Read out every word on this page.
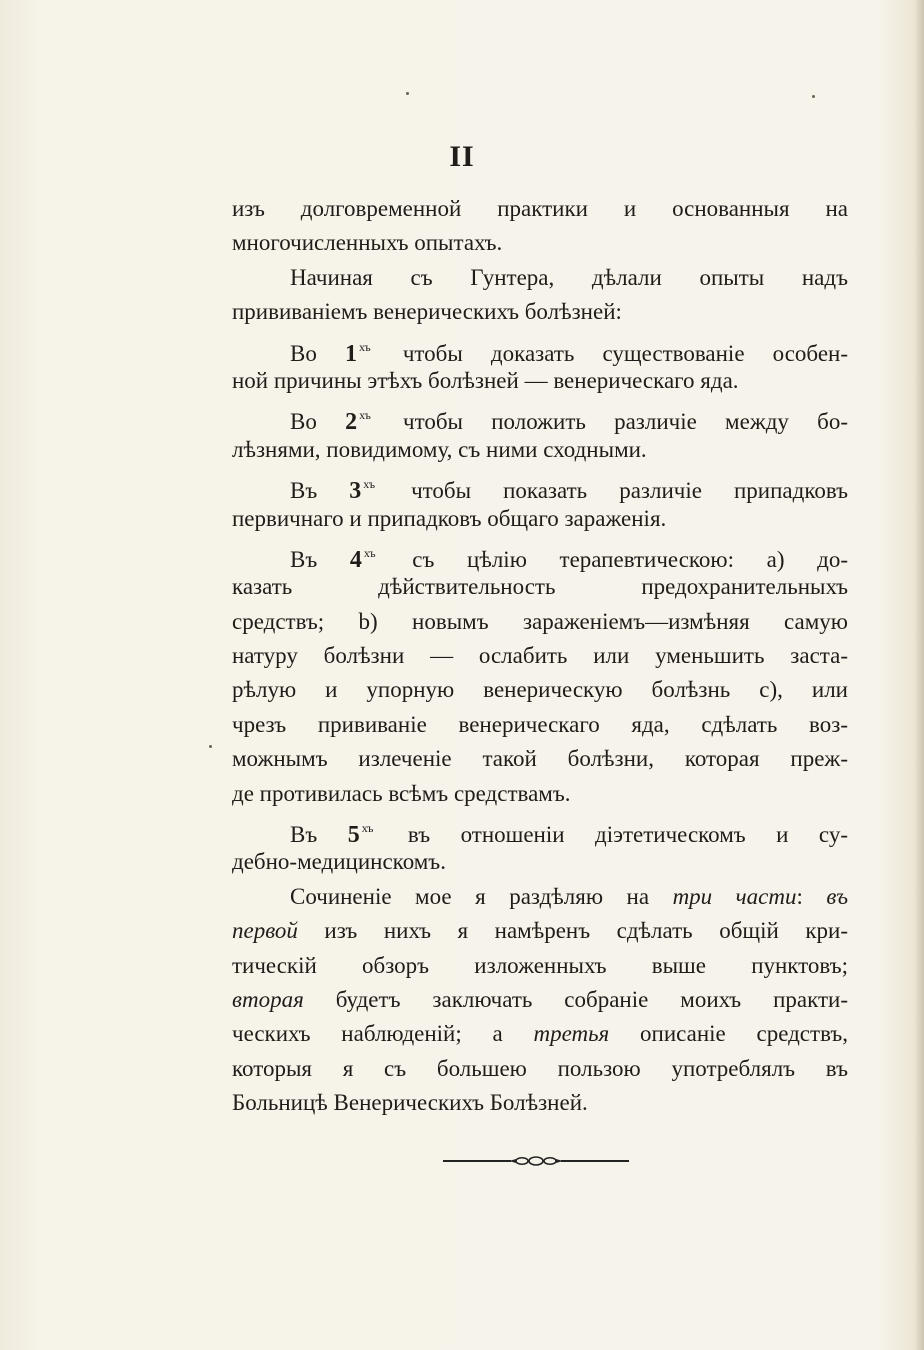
II
изъ долговременной практики и основанныя на
многочисленныхъ опытахъ.
Начиная съ Гунтера, дѣлали опыты надъ
прививаніемъ венерическихъ болѣзней:
Во 1 $^{хъ}$ чтобы доказать существованіе особен-
ной причины этѣхъ болѣзней — венерическаго яда.
Во 2 $^{хъ}$ чтобы положить различіе между бо-
лѣзнями, повидимому, съ ними сходными.
Въ 3 $^{хъ}$ чтобы показать различіе припадковъ
первичнаго и припадковъ общаго зараженія.
Въ 4 $^{хъ}$ съ цѣлію терапевтическою: a) до-
казать дѣйствительность предохранительныхъ
средствъ; b) новымъ зараженіемъ—измѣняя самую
натуру болѣзни — ослабить или уменьшить заста-
рѣлую и упорную венерическую болѣзнь c), или
чрезъ прививаніе венерическаго яда, сдѣлать воз-
можнымъ излеченіе такой болѣзни, которая преж-
де противилась всѣмъ средствамъ.
Въ 5 $^{хъ}$ въ отношеніи діэтетическомъ и су-
дебно-медицинскомъ.
Сочиненіе мое я раздѣляю на три части: въ
первой изъ нихъ я намѣренъ сдѣлать общій кри-
тическій обзоръ изложенныхъ выше пунктовъ;
вторая будетъ заключать собраніе моихъ практи-
ческихъ наблюденій; а третья описаніе средствъ,
которыя я съ большею пользою употреблялъ въ
Больницѣ Венерическихъ Болѣзней.
